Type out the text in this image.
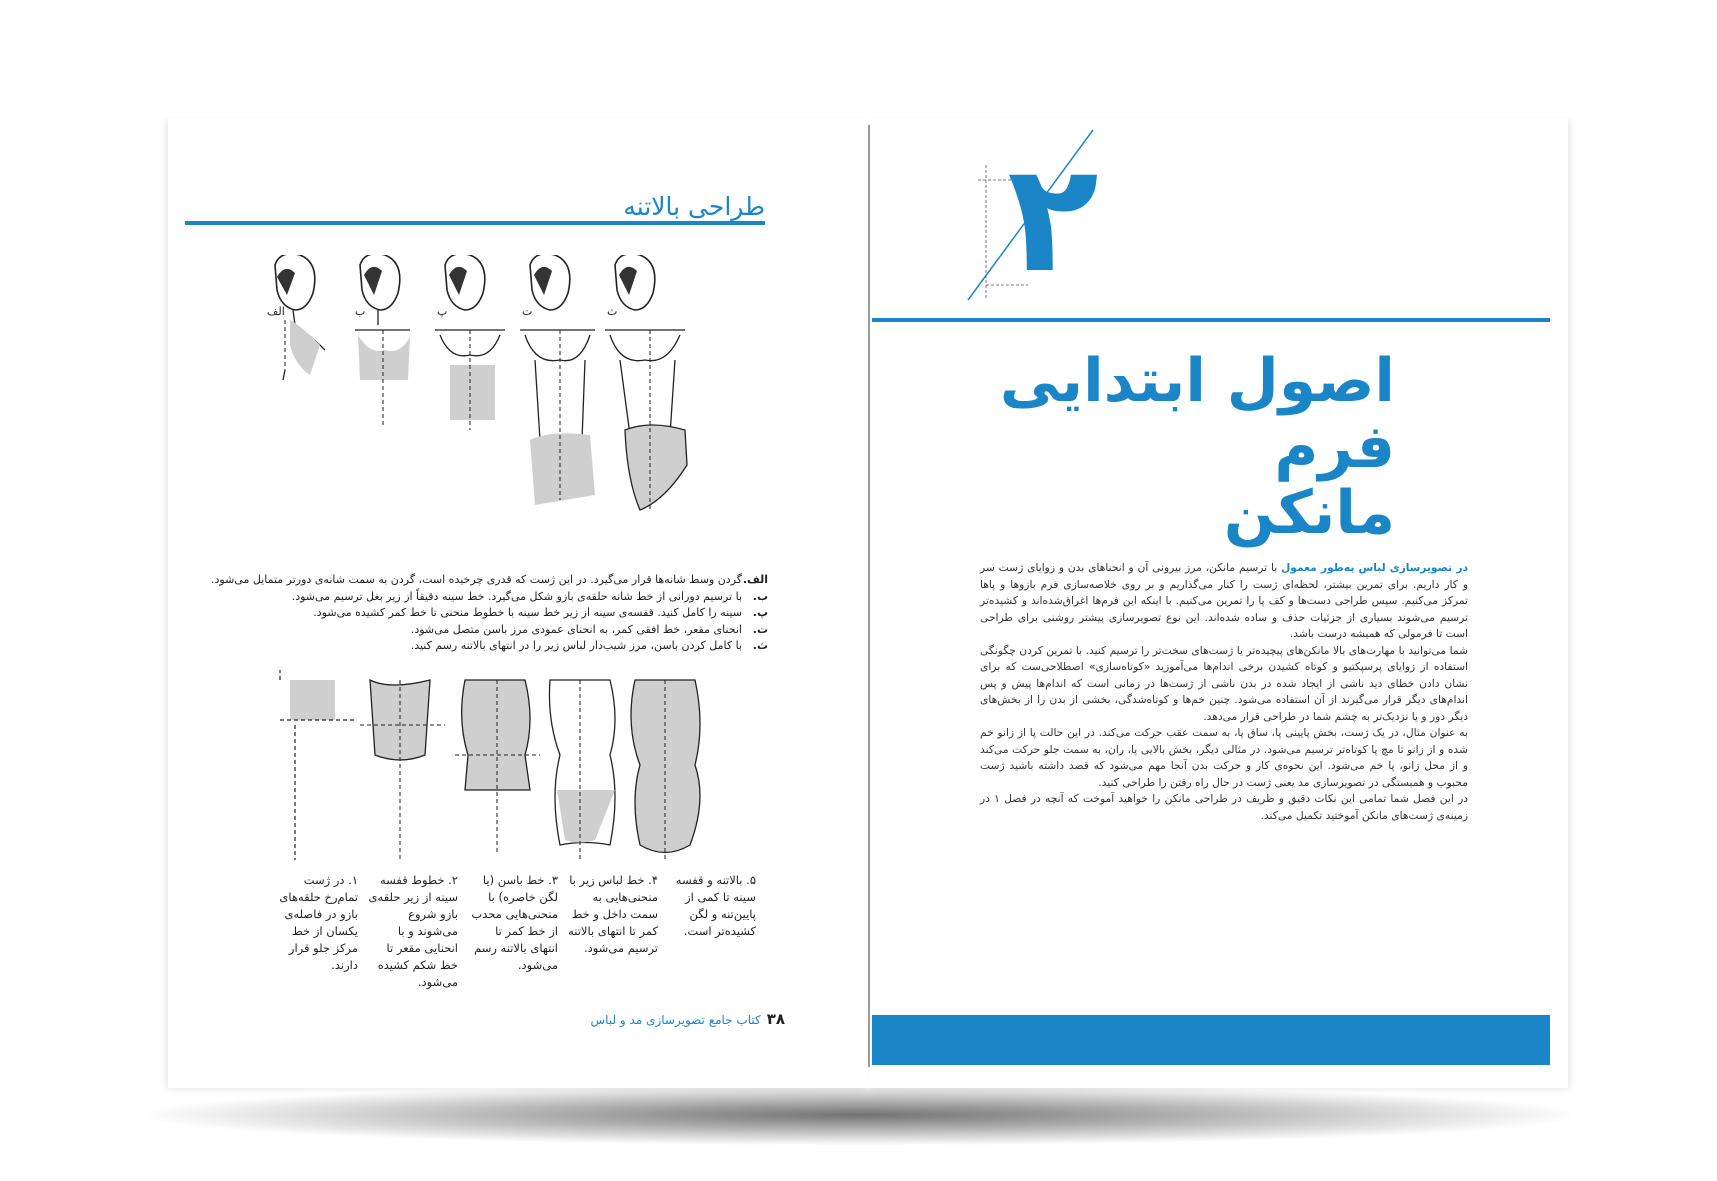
طراحی بالاتنه
الف	ب	پ	ت	ث
الف.
گردن وسط شانه‌ها قرار می‌گیرد. در این ژست که قدری چرخیده است، گردن به سمت شانه‌ی دورتر متمایل می‌شود.
ب.
با ترسیم دورانی از خط شانه حلقه‌ی بازو شکل می‌گیرد. خط سینه دقیقاً از زیر بغل ترسیم می‌شود.
پ.
سینه را کامل کنید. قفسه‌ی سینه از زیر خط سینه با خطوط منحنی تا خط کمر کشیده می‌شود.
ت.
انحنای مقعر، خط افقی کمر، به انحنای عمودی مرز باسن متصل می‌شود.
ث.
با کامل کردن باسن، مرز شیب‌دار لباس زیر را در انتهای بالاتنه رسم کنید.
۵. بالاتنه و قفسه سینه تا کمی از پایین‌تنه و لگن کشیده‌تر است.
۴. خط لباس زیر با منحنی‌هایی به سمت داخل و خط کمر تا انتهای بالاتنه ترسیم می‌شود.
۳. خط باسن (یا لگن خاصره) با منحنی‌هایی محدب از خط کمر تا انتهای بالاتنه رسم می‌شود.
۲. خطوط قفسه سینه از زیر حلقه‌ی بازو شروع می‌شوند و با انحنایی مقعر تا خط شکم کشیده می‌شود.
۱. در ژست تمام‌رخ حلقه‌های بازو در فاصله‌ی یکسان از خط مرکز جلو قرار دارند.
۳۸کتاب جامع تصویرسازی مد و لباس
۲
اصول ابتدایی فرم
مانکن

در تصویرسازی لباس به‌طور معمول با ترسیم مانکن، مرز بیرونی آن و انحناهای بدن و زوایای ژست سر و کار داریم. برای تمرین بیشتر، لحظه‌ای ژست را کنار می‌گذاریم و بر روی خلاصه‌سازی فرم بازوها و پاها تمرکز می‌کنیم. سپس طراحی دست‌ها و کف پا را تمرین می‌کنیم. با اینکه این فرم‌ها اغراق‌شده‌اند و کشیده‌تر ترسیم می‌شوند بسیاری از جزئیات حذف و ساده شده‌اند. این نوع تصویرسازی بیشتر روشنی برای طراحی است تا فرمولی که همیشه درست باشد.

شما می‌توانید با مهارت‌های بالا مانکن‌های پیچیده‌تر یا ژست‌های سخت‌تر را ترسیم کنید. با تمرین کردن چگونگی استفاده از زوایای پرسپکتیو و کوتاه کشیدن برخی اندام‌ها می‌آموزید «کوتاه‌سازی» اصطلاحی‌ست که برای نشان دادن خطای دید ناشی از ایجاد شده در بدن ناشی از ژست‌ها در زمانی است که اندام‌ها پیش و پس اندام‌های دیگر قرار می‌گیرند از آن استفاده می‌شود. چنین خم‌ها و کوتاه‌شدگی، بخشی از بدن را از بخش‌های دیگر دور و یا نزدیک‌تر به چشم شما در طراحی قرار می‌دهد.

به عنوان مثال، در یک ژست، بخش پایینی پا، ساق پا، به سمت عقب حرکت می‌کند. در این حالت پا از زانو خم شده و از زانو تا مچ پا کوتاه‌تر ترسیم می‌شود. در مثالی دیگر، بخش بالایی پا، ران، به سمت جلو حرکت می‌کند و از محل زانو، پا خم می‌شود. این نحوه‌ی کار و حرکت بدن آنجا مهم می‌شود که قصد داشته باشید ژست محبوب و همبستگی در تصویرسازی مد یعنی ژست در حال راه رفتن را طراحی کنید.

در این فصل شما تمامی این نکات دقیق و ظریف در طراحی مانکن را خواهید آموخت که آنچه در فصل ۱ در زمینه‌ی ژست‌های مانکن آموختید تکمیل می‌کند.
